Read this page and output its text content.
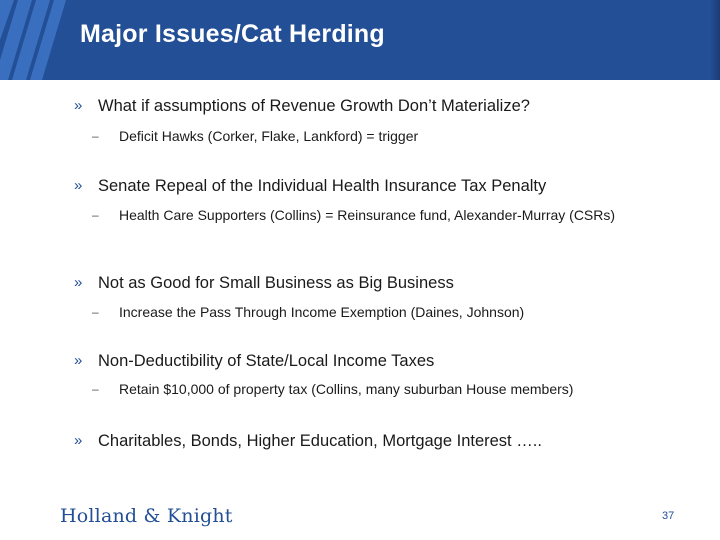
Major Issues/Cat Herding
» What if assumptions of Revenue Growth Don’t Materialize?
– Deficit Hawks (Corker, Flake, Lankford) = trigger
» Senate Repeal of the Individual Health Insurance Tax Penalty
– Health Care Supporters (Collins) = Reinsurance fund, Alexander-Murray (CSRs)
» Not as Good for Small Business as Big Business
– Increase the Pass Through Income Exemption (Daines, Johnson)
» Non-Deductibility of State/Local Income Taxes
– Retain $10,000 of property tax (Collins, many suburban House members)
» Charitables, Bonds, Higher Education, Mortgage Interest …..
Holland & Knight	37
